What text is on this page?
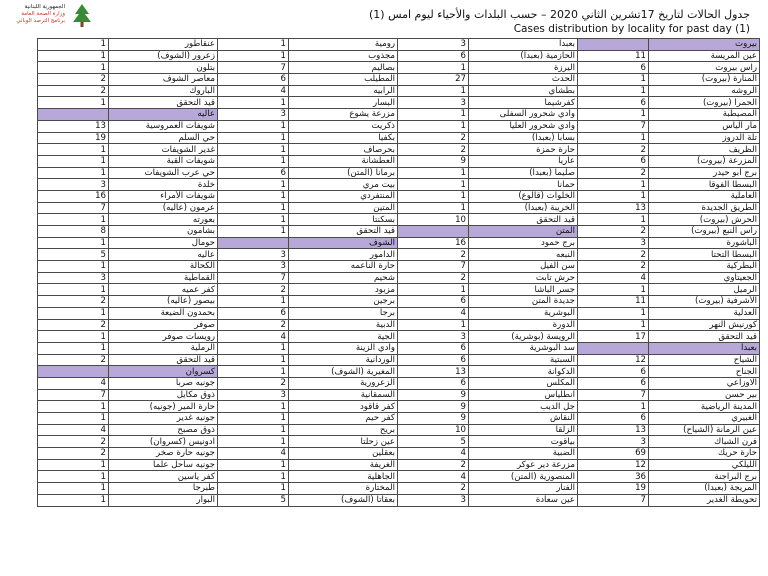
الجمهورية اللبنانية
وزارة الصحة العامة
برنامج الترصد الوبائي	جدول الحالات لتاريخ 17تشرين الثاني 2020 – حسب البلدات والأحياء ليوم امس (1)
Cases distribution by locality for past day (1)
1	عنقاطور	1	رومية	3	بعبدا		بيروت
1	زعرور (الشوف)	1	مجذوب	6	الحازمية (بعبدا)	11	عين المريسة
1	بتلون	7	بصاليم	1	اليرزة	6	راس بيروت
2	معاصر الشوف	6	المطيلب	27	الحدث	1	المنارة (بيروت)
2	الباروك	4	الرابيه	1	بطشاي	1	الروشه
1	قيد التحقق	1	البسار	3	كفرشيما	6	الحمرا (بيروت)
	عاليه	3	مزرعة يشوع	1	وادي شحرور السفلى	1	المصيطبة
13	شويفات العمروسية	1	ذكريت	1	وادي شحرور العليا	7	مار الياس
19	حي السلم	1	بكفيا	2	بسابا (بعبدا)	1	تلة الدروز
1	غدير الشويفات	1	بحرصاف	2	حارة حمزة	2	الظريف
1	شويفات القبة	1	العطشانة	9	عاريا	6	المزرعة (بيروت)
1	حي عرب الشويفات	6	برمانا (المتن)	1	صليما (بعبدا)	2	برج أبو حيدر
3	خلدة	1	بيت مري	1	حمانا	1	البسطا الفوقا
16	شويفات الأمراء	1	المنتفردي	1	الخلوات (قالوع)	1	العاملية
7	عرمون (عاليه)	1	المتين	1	الخريبة (بعبدا)	13	الطريق الجديدة
1	بعورته	1	بسكنتا	10	قيد التحقق	1	الحرش (بيروت)
8	بشامون	1	قيد التحقق		المتن	2	راس النبع (بيروت)
1	حومال		الشوف	16	برج حمود	3	الباشورة
5	عاليه	3	الدامور	2	النبعه	2	البسطا التحتا
1	الكحالة	3	حارة الناعمه	7	سن الفيل	2	البطركية
3	القماطية	7	شحيم	2	حرش تابت	4	الجعيتاوي
1	كفر عميه	2	مزبود	1	جسر الباشا	1	الرميل
2	بيصور (عاليه)	1	برجين	6	جديدة المتن	11	الأشرفية (بيروت)
1	بحمدون الضيعة	6	برجا	4	البوشرية	1	العدلية
2	صوفر	2	الدبية	1	الدورة	1	كورنيش النهر
1	رويسات صوفر	4	الجية	3	الرويسة (بوشرية)	17	قيد التحقق
1	الرملية	1	وادي الزينة	6	سد البوشرية		بعبدا
2	قيد التحقق	1	الوردانية	6	السبتية	12	الشياح
	كسروان	1	المغيرية (الشوف)	13	الدكوانة	6	الجناح
4	جونيه صربا	2	الزعرورية	6	المكلس	6	الاوزاعي
7	ذوق مكايل	3	السمقانية	9	انطلياس	7	بير حسن
1	حارة المير (جونيه)	1	كفر قاقود	9	جل الديب	1	المدينة الرياضية
1	جونيه غدير	1	كفر حيم	9	النقاش	6	الغبيري
4	ذوق مصبح	1	بريح	10	الزلقا	13	عين الرمانة (الشياح)
2	ادونيس (كسروان)	1	عين زحلتا	5	بياقوت	3	فرن الشباك
2	جونيه حارة صخر	4	بعقلين	4	الضبية	69	حارة حريك
1	جونيه ساحل علما	1	الغريفة	2	مزرعة دير عوكر	12	الليلكي
1	كفر ياسين	1	الجاهلية	4	المنصورية (المتن)	36	برج البراجنة
1	طبرجا	1	المختارة	2	الفنار	19	المريجة (بعبدا)
1	البوار	5	بعقاتا (الشوف)	3	عين سعادة	7	تحويطة الغدير
